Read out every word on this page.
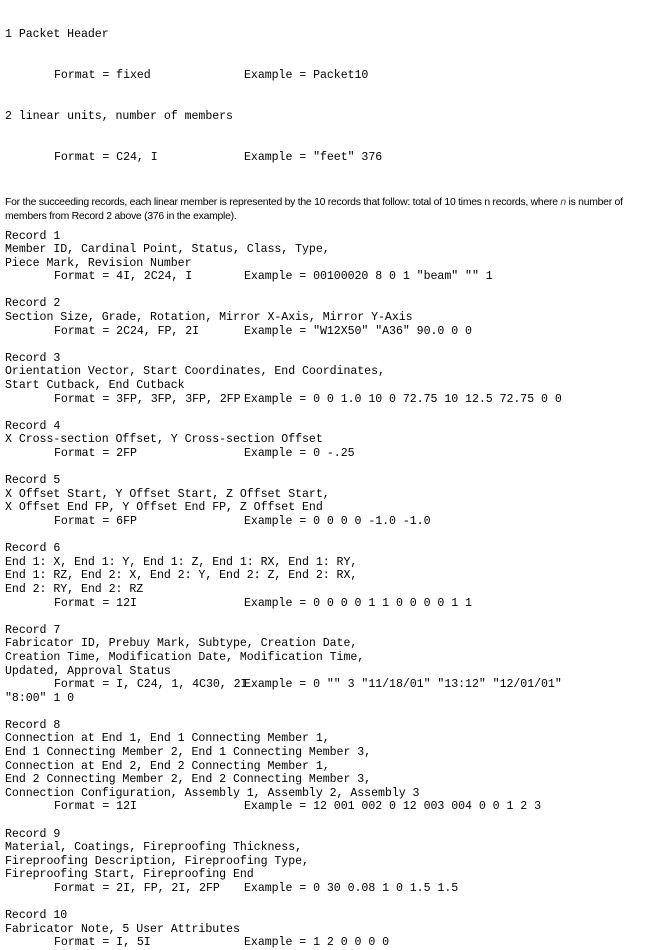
1 Packet Header

Format = fixed	Example = Packet10

2 linear units, number of members

Format = C24, I	Example = "feet" 376

For the succeeding records, each linear member is represented by the 10 records that follow: total of 10 times n records, where n is number of members from Record 2 above (376 in the example).

Record 1
Member ID, Cardinal Point, Status, Class, Type,
Piece Mark, Revision Number
Format = 4I, 2C24, I	Example = 00100020 8 0 1 "beam" "" 1
Record 2
Section Size, Grade, Rotation, Mirror X-Axis, Mirror Y-Axis
Format = 2C24, FP, 2I	Example = "W12X50" "A36" 90.0 0 0
Record 3
Orientation Vector, Start Coordinates, End Coordinates,
Start Cutback, End Cutback
Format = 3FP, 3FP, 3FP, 2FP Example = 0 0 1.0 10 0 72.75 10 12.5 72.75 0 0
Record 4
X Cross-section Offset, Y Cross-section Offset
Format = 2FP	Example = 0 -.25
Record 5
X Offset Start, Y Offset Start, Z Offset Start,
X Offset End FP, Y Offset End FP, Z Offset End
Format = 6FP	Example = 0 0 0 0 -1.0 -1.0
Record 6
End 1: X, End 1: Y, End 1: Z, End 1: RX, End 1: RY,
End 1: RZ, End 2: X, End 2: Y, End 2: Z, End 2: RX,
End 2: RY, End 2: RZ
Format = 12I	Example = 0 0 0 0 1 1 0 0 0 0 1 1
Record 7
Fabricator ID, Prebuy Mark, Subtype, Creation Date,
Creation Time, Modification Date, Modification Time,
Updated, Approval Status
Format = I, C24, 1, 4C30, 2IExample = 0 "" 3 "11/18/01" "13:12" "12/01/01"
"8:00" 1 0
Record 8
Connection at End 1, End 1 Connecting Member 1,
End 1 Connecting Member 2, End 1 Connecting Member 3,
Connection at End 2, End 2 Connecting Member 1,
End 2 Connecting Member 2, End 2 Connecting Member 3,
Connection Configuration, Assembly 1, Assembly 2, Assembly 3
Format = 12I	Example = 12 001 002 0 12 003 004 0 0 1 2 3
Record 9
Material, Coatings, Fireproofing Thickness,
Fireproofing Description, Fireproofing Type,
Fireproofing Start, Fireproofing End
Format = 2I, FP, 2I, 2FP Example = 0 30 0.08 1 0 1.5 1.5
Record 10
Fabricator Note, 5 User Attributes
Format = I, 5I	Example = 1 2 0 0 0 0
